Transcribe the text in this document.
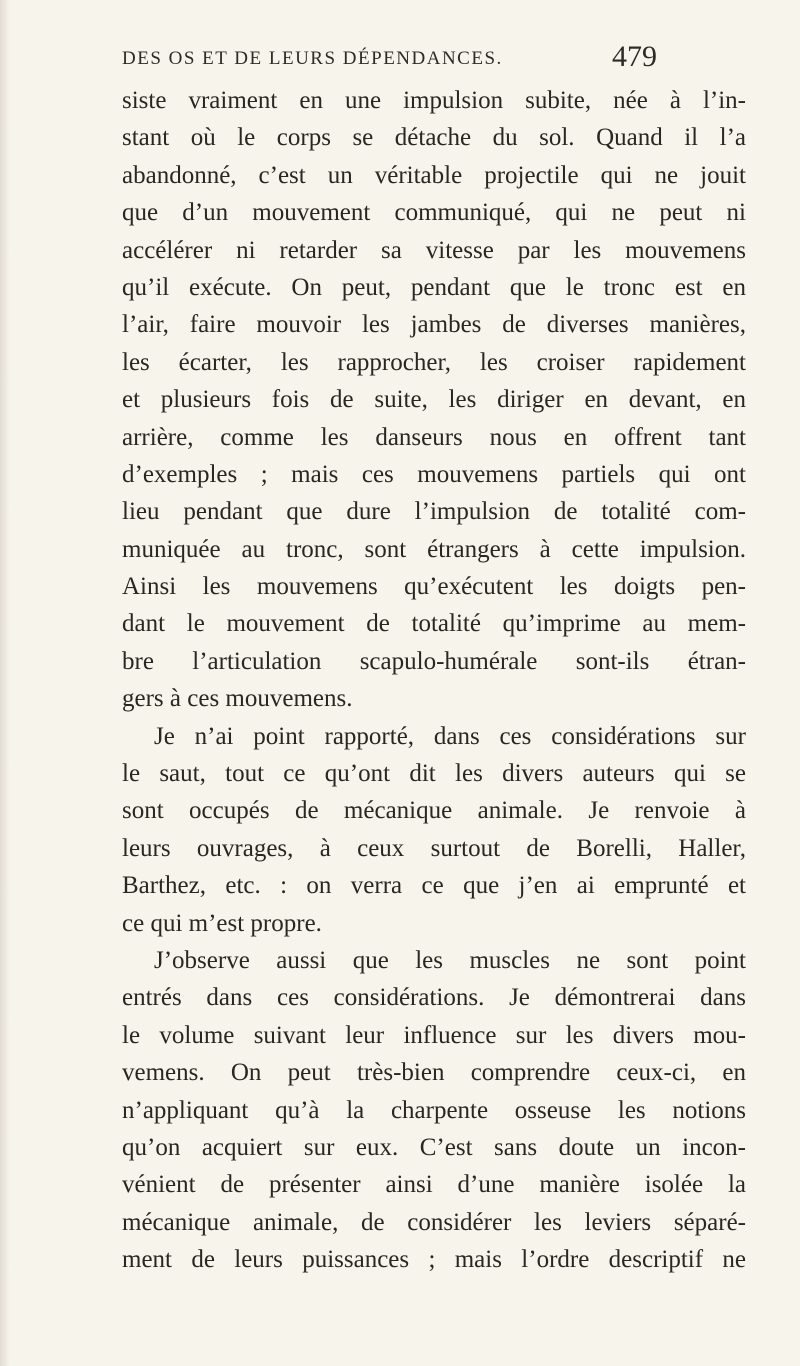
DES OS ET DE LEURS DÉPENDANCES.	479
siste vraiment en une impulsion subite, née à l’in-
stant où le corps se détache du sol. Quand il l’a
abandonné, c’est un véritable projectile qui ne jouit
que d’un mouvement communiqué, qui ne peut ni
accélérer ni retarder sa vitesse par les mouvemens
qu’il exécute. On peut, pendant que le tronc est en
l’air, faire mouvoir les jambes de diverses manières,
les écarter, les rapprocher, les croiser rapidement
et plusieurs fois de suite, les diriger en devant, en
arrière, comme les danseurs nous en offrent tant
d’exemples ; mais ces mouvemens partiels qui ont
lieu pendant que dure l’impulsion de totalité com-
muniquée au tronc, sont étrangers à cette impulsion.
Ainsi les mouvemens qu’exécutent les doigts pen-
dant le mouvement de totalité qu’imprime au mem-
bre l’articulation scapulo-humérale sont-ils étran-
gers à ces mouvemens.
Je n’ai point rapporté, dans ces considérations sur
le saut, tout ce qu’ont dit les divers auteurs qui se
sont occupés de mécanique animale. Je renvoie à
leurs ouvrages, à ceux surtout de Borelli, Haller,
Barthez, etc. : on verra ce que j’en ai emprunté et
ce qui m’est propre.
J’observe aussi que les muscles ne sont point
entrés dans ces considérations. Je démontrerai dans
le volume suivant leur influence sur les divers mou-
vemens. On peut très-bien comprendre ceux-ci, en
n’appliquant qu’à la charpente osseuse les notions
qu’on acquiert sur eux. C’est sans doute un incon-
vénient de présenter ainsi d’une manière isolée la
mécanique animale, de considérer les leviers séparé-
ment de leurs puissances ; mais l’ordre descriptif ne
